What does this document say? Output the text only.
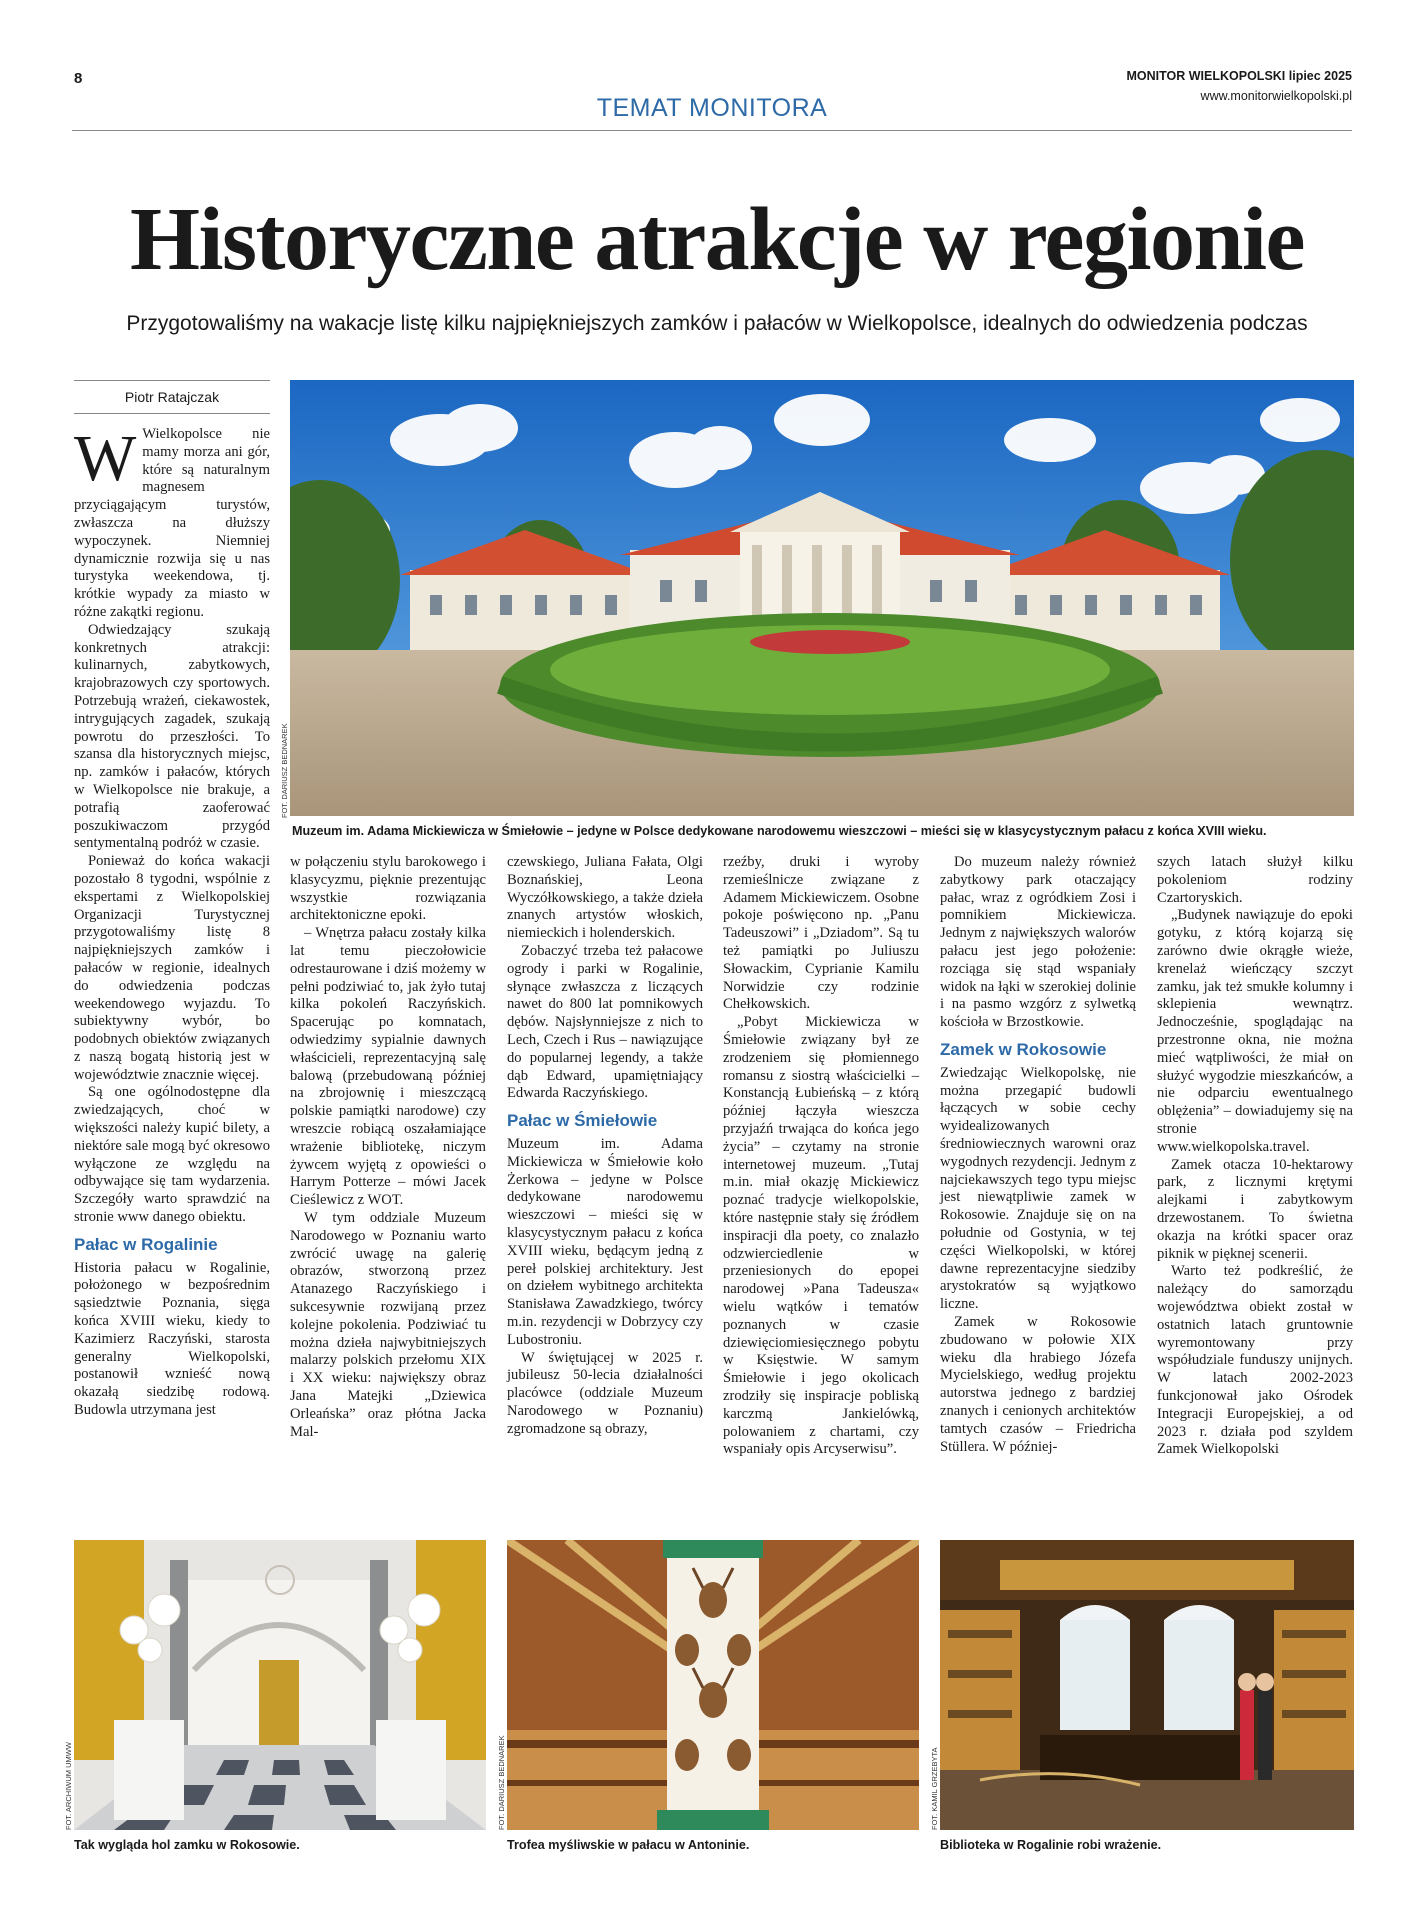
8	MONITOR WIELKOPOLSKI lipiec 2025
www.monitorwielkopolski.pl
TEMAT MONITORA
Historyczne atrakcje w regionie
Przygotowaliśmy na wakacje listę kilku najpiękniejszych zamków i pałaców w Wielkopolsce, idealnych do odwiedzenia podczas
Piotr Ratajczak
FOT. DARIUSZ BEDNAREK
Muzeum im. Adama Mickiewicza w Śmiełowie – jedyne w Polsce dedykowane narodowemu wieszczowi – mieści się w klasycystycznym pałacu z końca XVIII wieku.

W Wielkopolsce nie mamy morza ani gór, które są naturalnym magnesem przyciągającym turystów, zwłaszcza na dłuższy wypoczynek. Niemniej dynamicznie rozwija się u nas turystyka weekendowa, tj. krótkie wypady za miasto w różne zakątki regionu.

Odwiedzający szukają konkretnych atrakcji: kulinarnych, zabytkowych, krajobrazowych czy sportowych. Potrzebują wrażeń, ciekawostek, intrygujących zagadek, szukają powrotu do przeszłości. To szansa dla historycznych miejsc, np. zamków i pałaców, których w Wielkopolsce nie brakuje, a potrafią zaoferować poszukiwaczom przygód sentymentalną podróż w czasie.

Ponieważ do końca wakacji pozostało 8 tygodni, wspólnie z ekspertami z Wielkopolskiej Organizacji Turystycznej przygotowaliśmy listę 8 najpiękniejszych zamków i pałaców w regionie, idealnych do odwiedzenia podczas weekendowego wyjazdu. To subiektywny wybór, bo podobnych obiektów związanych z naszą bogatą historią jest w województwie znacznie więcej.

Są one ogólnodostępne dla zwiedzających, choć w większości należy kupić bilety, a niektóre sale mogą być okresowo wyłączone ze względu na odbywające się tam wydarzenia. Szczegóły warto sprawdzić na stronie www danego obiektu.

Pałac w Rogalinie

Historia pałacu w Rogalinie, położonego w bezpośrednim sąsiedztwie Poznania, sięga końca XVIII wieku, kiedy to Kazimierz Raczyński, starosta generalny Wielkopolski, postanowił wznieść nową okazałą siedzibę rodową. Budowla utrzymana jest

w połączeniu stylu barokowego i klasycyzmu, pięknie prezentując wszystkie rozwiązania architektoniczne epoki.

– Wnętrza pałacu zostały kilka lat temu pieczołowicie odrestaurowane i dziś możemy w pełni podziwiać to, jak żyło tutaj kilka pokoleń Raczyńskich. Spacerując po komnatach, odwiedzimy sypialnie dawnych właścicieli, reprezentacyjną salę balową (przebudowaną później na zbrojownię i mieszczącą polskie pamiątki narodowe) czy wreszcie robiącą oszałamiające wrażenie bibliotekę, niczym żywcem wyjętą z opowieści o Harrym Potterze – mówi Jacek Cieślewicz z WOT.

W tym oddziale Muzeum Narodowego w Poznaniu warto zwrócić uwagę na galerię obrazów, stworzoną przez Atanazego Raczyńskiego i sukcesywnie rozwijaną przez kolejne pokolenia. Podziwiać tu można dzieła najwybitniejszych malarzy polskich przełomu XIX i XX wieku: największy obraz Jana Matejki „Dziewica Orleańska” oraz płótna Jacka Mal-

czewskiego, Juliana Fałata, Olgi Boznańskiej, Leona Wyczółkowskiego, a także dzieła znanych artystów włoskich, niemieckich i holenderskich.

Zobaczyć trzeba też pałacowe ogrody i parki w Rogalinie, słynące zwłaszcza z liczących nawet do 800 lat pomnikowych dębów. Najsłynniejsze z nich to Lech, Czech i Rus – nawiązujące do popularnej legendy, a także dąb Edward, upamiętniający Edwarda Raczyńskiego.

Pałac w Śmiełowie

Muzeum im. Adama Mickiewicza w Śmiełowie koło Żerkowa – jedyne w Polsce dedykowane narodowemu wieszczowi – mieści się w klasycystycznym pałacu z końca XVIII wieku, będącym jedną z pereł polskiej architektury. Jest on dziełem wybitnego architekta Stanisława Zawadzkiego, twórcy m.in. rezydencji w Dobrzycy czy Lubostroniu.

W świętującej w 2025 r. jubileusz 50-lecia działalności placówce (oddziale Muzeum Narodowego w Poznaniu) zgromadzone są obrazy,

rzeźby, druki i wyroby rzemieślnicze związane z Adamem Mickiewiczem. Osobne pokoje poświęcono np. „Panu Tadeuszowi” i „Dziadom”. Są tu też pamiątki po Juliuszu Słowackim, Cyprianie Kamilu Norwidzie czy rodzinie Chełkowskich.

„Pobyt Mickiewicza w Śmiełowie związany był ze zrodzeniem się płomiennego romansu z siostrą właścicielki – Konstancją Łubieńską – z którą później łączyła wieszcza przyjaźń trwająca do końca jego życia” – czytamy na stronie internetowej muzeum. „Tutaj m.in. miał okazję Mickiewicz poznać tradycje wielkopolskie, które następnie stały się źródłem inspiracji dla poety, co znalazło odzwierciedlenie w przeniesionych do epopei narodowej »Pana Tadeusza« wielu wątków i tematów poznanych w czasie dziewięciomiesięcznego pobytu w Księstwie. W samym Śmiełowie i jego okolicach zrodziły się inspiracje pobliską karczmą Jankielówką, polowaniem z chartami, czy wspaniały opis Arcyserwisu”.

Do muzeum należy również zabytkowy park otaczający pałac, wraz z ogródkiem Zosi i pomnikiem Mickiewicza. Jednym z największych walorów pałacu jest jego położenie: rozciąga się stąd wspaniały widok na łąki w szerokiej dolinie i na pasmo wzgórz z sylwetką kościoła w Brzostkowie.

Zamek w Rokosowie

Zwiedzając Wielkopolskę, nie można przegapić budowli łączących w sobie cechy wyidealizowanych średniowiecznych warowni oraz wygodnych rezydencji. Jednym z najciekawszych tego typu miejsc jest niewątpliwie zamek w Rokosowie. Znajduje się on na południe od Gostynia, w tej części Wielkopolski, w której dawne reprezentacyjne siedziby arystokratów są wyjątkowo liczne.

Zamek w Rokosowie zbudowano w połowie XIX wieku dla hrabiego Józefa Mycielskiego, według projektu autorstwa jednego z bardziej znanych i cenionych architektów tamtych czasów – Friedricha Stüllera. W później-

szych latach służył kilku pokoleniom rodziny Czartoryskich.

„Budynek nawiązuje do epoki gotyku, z którą kojarzą się zarówno dwie okrągłe wieże, krenelaż wieńczący szczyt zamku, jak też smukłe kolumny i sklepienia wewnątrz. Jednocześnie, spoglądając na przestronne okna, nie można mieć wątpliwości, że miał on służyć wygodzie mieszkańców, a nie odparciu ewentualnego oblężenia” – dowiadujemy się na stronie www.wielkopolska.travel.

Zamek otacza 10-hektarowy park, z licznymi krętymi alejkami i zabytkowym drzewostanem. To świetna okazja na krótki spacer oraz piknik w pięknej scenerii.

Warto też podkreślić, że należący do samorządu województwa obiekt został w ostatnich latach gruntownie wyremontowany przy współudziale funduszy unijnych. W latach 2002-2023 funkcjonował jako Ośrodek Integracji Europejskiej, a od 2023 r. działa pod szyldem Zamek Wielkopolski

FOT. ARCHIWUM UMWW
Tak wygląda hol zamku w Rokosowie.
FOT. DARIUSZ BEDNAREK
Trofea myśliwskie w pałacu w Antoninie.
FOT. KAMIL GRZEBYTA
Biblioteka w Rogalinie robi wrażenie.
